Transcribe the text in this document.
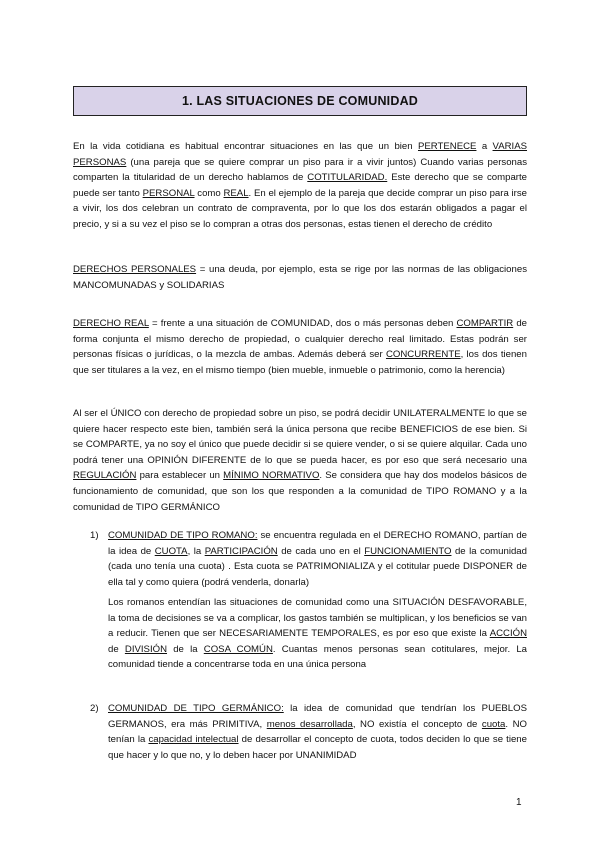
1. LAS SITUACIONES DE COMUNIDAD
En la vida cotidiana es habitual encontrar situaciones en las que un bien PERTENECE a VARIAS PERSONAS (una pareja que se quiere comprar un piso para ir a vivir juntos) Cuando varias personas comparten la titularidad de un derecho hablamos de COTITULARIDAD. Este derecho que se comparte puede ser tanto PERSONAL como REAL. En el ejemplo de la pareja que decide comprar un piso para irse a vivir, los dos celebran un contrato de compraventa, por lo que los dos estarán obligados a pagar el precio, y si a su vez el piso se lo compran a otras dos personas, estas tienen el derecho de crédito
DERECHOS PERSONALES = una deuda, por ejemplo, esta se rige por las normas de las obligaciones MANCOMUNADAS y SOLIDARIAS
DERECHO REAL = frente a una situación de COMUNIDAD, dos o más personas deben COMPARTIR de forma conjunta el mismo derecho de propiedad, o cualquier derecho real limitado. Estas podrán ser personas físicas o jurídicas, o la mezcla de ambas. Además deberá ser CONCURRENTE, los dos tienen que ser titulares a la vez, en el mismo tiempo (bien mueble, inmueble o patrimonio, como la herencia)
Al ser el ÚNICO con derecho de propiedad sobre un piso, se podrá decidir UNILATERALMENTE lo que se quiere hacer respecto este bien, también será la única persona que recibe BENEFICIOS de ese bien. Si se COMPARTE, ya no soy el único que puede decidir si se quiere vender, o si se quiere alquilar. Cada uno podrá tener una OPINIÓN DIFERENTE de lo que se pueda hacer, es por eso que será necesario una REGULACIÓN para establecer un MÍNIMO NORMATIVO. Se considera que hay dos modelos básicos de funcionamiento de comunidad, que son los que responden a la comunidad de TIPO ROMANO y a la comunidad de TIPO GERMÁNICO
1) COMUNIDAD DE TIPO ROMANO: se encuentra regulada en el DERECHO ROMANO, partían de la idea de CUOTA, la PARTICIPACIÓN de cada uno en el FUNCIONAMIENTO de la comunidad (cada uno tenía una cuota) . Esta cuota se PATRIMONIALIZA y el cotitular puede DISPONER de ella tal y como quiera (podrá venderla, donarla)
Los romanos entendían las situaciones de comunidad como una SITUACIÓN DESFAVORABLE, la toma de decisiones se va a complicar, los gastos también se multiplican, y los beneficios se van a reducir. Tienen que ser NECESARIAMENTE TEMPORALES, es por eso que existe la ACCIÓN de DIVISIÓN de la COSA COMÚN. Cuantas menos personas sean cotitulares, mejor. La comunidad tiende a concentrarse toda en una única persona
2) COMUNIDAD DE TIPO GERMÁNICO: la idea de comunidad que tendrían los PUEBLOS GERMANOS, era más PRIMITIVA, menos desarrollada, NO existía el concepto de cuota. NO tenían la capacidad intelectual de desarrollar el concepto de cuota, todos deciden lo que se tiene que hacer y lo que no, y lo deben hacer por UNANIMIDAD
1
